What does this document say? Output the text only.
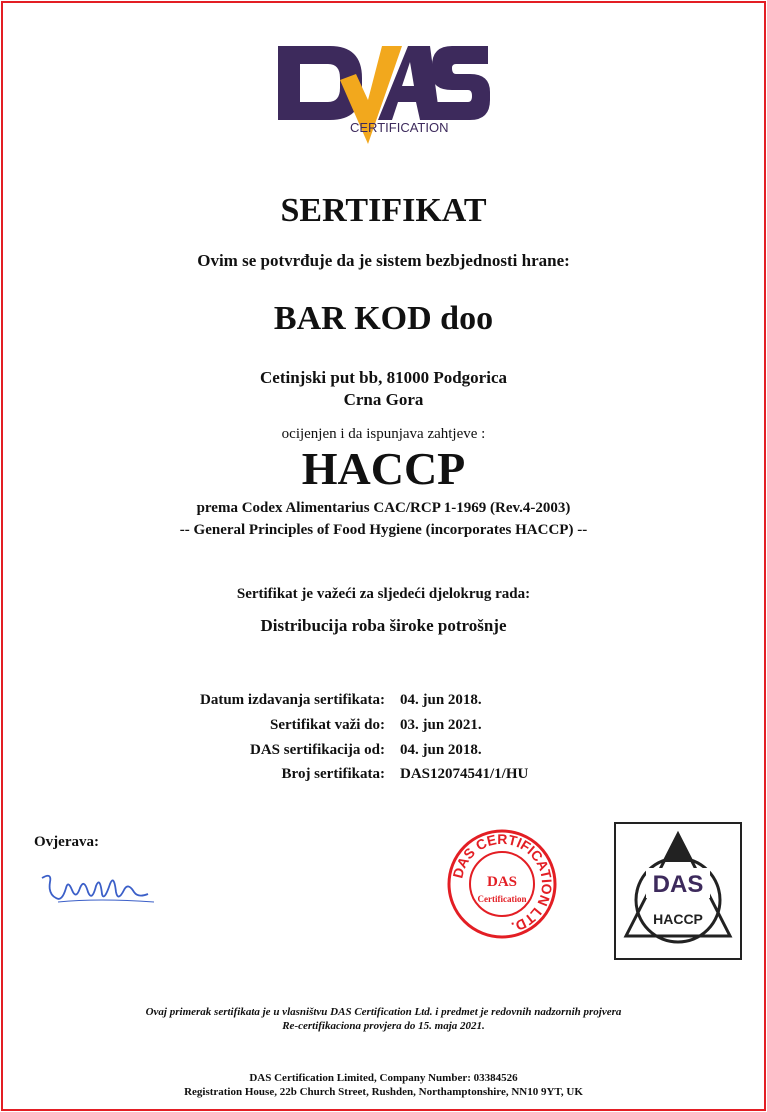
CERTIFICATION
SERTIFIKAT
Ovim se potvrđuje da je sistem bezbjednosti hrane:
BAR KOD doo
Cetinjski put bb, 81000 Podgorica
Crna Gora
ocijenjen i da ispunjava zahtjeve :
HACCP
prema Codex Alimentarius CAC/RCP 1-1969 (Rev.4-2003)
-- General Principles of Food Hygiene (incorporates HACCP) --
Sertifikat je važeći za sljedeći djelokrug rada:
Distribucija roba široke potrošnje
Datum izdavanja sertifikata: 04. jun 2018.
Sertifikat važi do: 03. jun 2021.
DAS sertifikacija od: 04. jun 2018.
Broj sertifikata: DAS12074541/1/HU
Ovjerava:
DAS CERTIFICATION LTD.
DAS
Certification
DAS
HACCP
Ovaj primerak sertifikata je u vlasništvu DAS Certification Ltd. i predmet je redovnih nadzornih projvera
Re-certifikaciona provjera do 15. maja 2021.
DAS Certification Limited, Company Number: 03384526
Registration House, 22b Church Street, Rushden, Northamptonshire, NN10 9YT, UK
